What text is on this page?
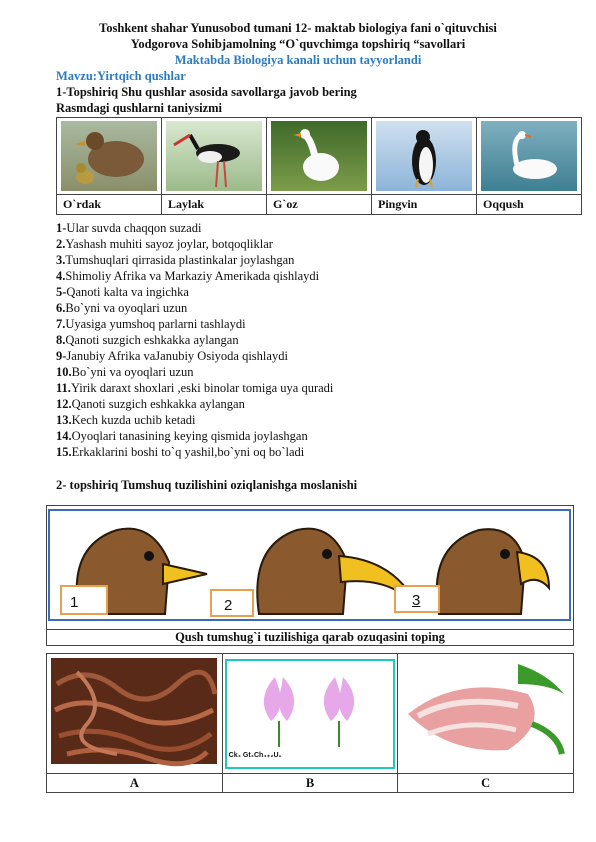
Toshkent shahar Yunusobod tumani 12- maktab biologiya fani o`qituvchisi
Yodgorova Sohibjamolning “O`quvchimga topshiriq “savollari
Maktabda Biologiya kanali uchun tayyorlandi
Mavzu:Yirtqich qushlar
1-Topshiriq Shu qushlar asosida savollarga javob bering
Rasmdagi qushlarni taniysizmi

O`rdak	Laylak	G`oz	Pingvin	Oqqush
1-Ular suvda chaqqon suzadi
2.Yashash muhiti sayoz joylar, botqoqliklar
3.Tumshuqlari qirrasida plastinkalar joylashgan
4.Shimoliy Afrika va Markaziy Amerikada qishlaydi
5-Qanoti kalta va ingichka
6.Bo`yni va oyoqlari uzun
7.Uyasiga yumshoq parlarni tashlaydi
8.Qanoti suzgich eshkakka aylangan
9-Janubiy Afrika vaJanubiy Osiyoda qishlaydi
10.Bo`yni va oyoqlari uzun
11.Yirik daraxt shoxlari ,eski binolar tomiga uya quradi
12.Qanoti suzgich eshkakka aylangan
13.Kech kuzda uchib ketadi
14.Oyoqlari tanasining keying qismida joylashgan
15.Erkaklarini boshi to`q yashil,bo`yni oq bo`ladi
2- topshiriq Tumshuq tuzilishini oziqlanishga moslanishi

Qush tumshug`i tuzilishiga qarab ozuqasini toping
1	2	3

Ck₄ Gt₄Ch₄₊₂U₁

A	B	C
